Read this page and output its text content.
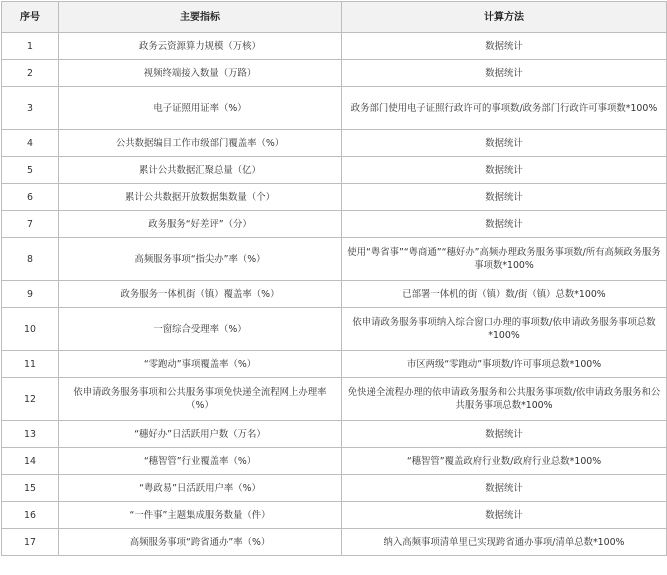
序号	主要指标	计算方法
1	政务云资源算力规模（万核）	数据统计
2	视频终端接入数量（万路）	数据统计
3	电子证照用证率（%）	政务部门使用电子证照行政许可的事项数/政务部门行政许可事项数*100%
4	公共数据编目工作市级部门覆盖率（%）	数据统计
5	累计公共数据汇聚总量（亿）	数据统计
6	累计公共数据开放数据集数量（个）	数据统计
7	政务服务“好差评”（分）	数据统计
8	高频服务事项“指尖办”率（%）	使用“粤省事”“粤商通”“穗好办”高频办理政务服务事项数/所有高频政务服务事项数*100%
9	政务服务一体机街（镇）覆盖率（%）	已部署一体机的街（镇）数/街（镇）总数*100%
10	一窗综合受理率（%）	依申请政务服务事项纳入综合窗口办理的事项数/依申请政务服务事项总数*100%
11	“零跑动”事项覆盖率（%）	市区两级“零跑动”事项数/许可事项总数*100%
12	依申请政务服务事项和公共服务事项免快递全流程网上办理率（%）	免快递全流程办理的依申请政务服务和公共服务事项数/依申请政务服务和公共服务事项总数*100%
13	“穗好办”日活跃用户数（万名）	数据统计
14	“穗智管”行业覆盖率（%）	“穗智管”覆盖政府行业数/政府行业总数*100%
15	“粤政易”日活跃用户率（%）	数据统计
16	“一件事”主题集成服务数量（件）	数据统计
17	高频服务事项“跨省通办”率（%）	纳入高频事项清单里已实现跨省通办事项/清单总数*100%
